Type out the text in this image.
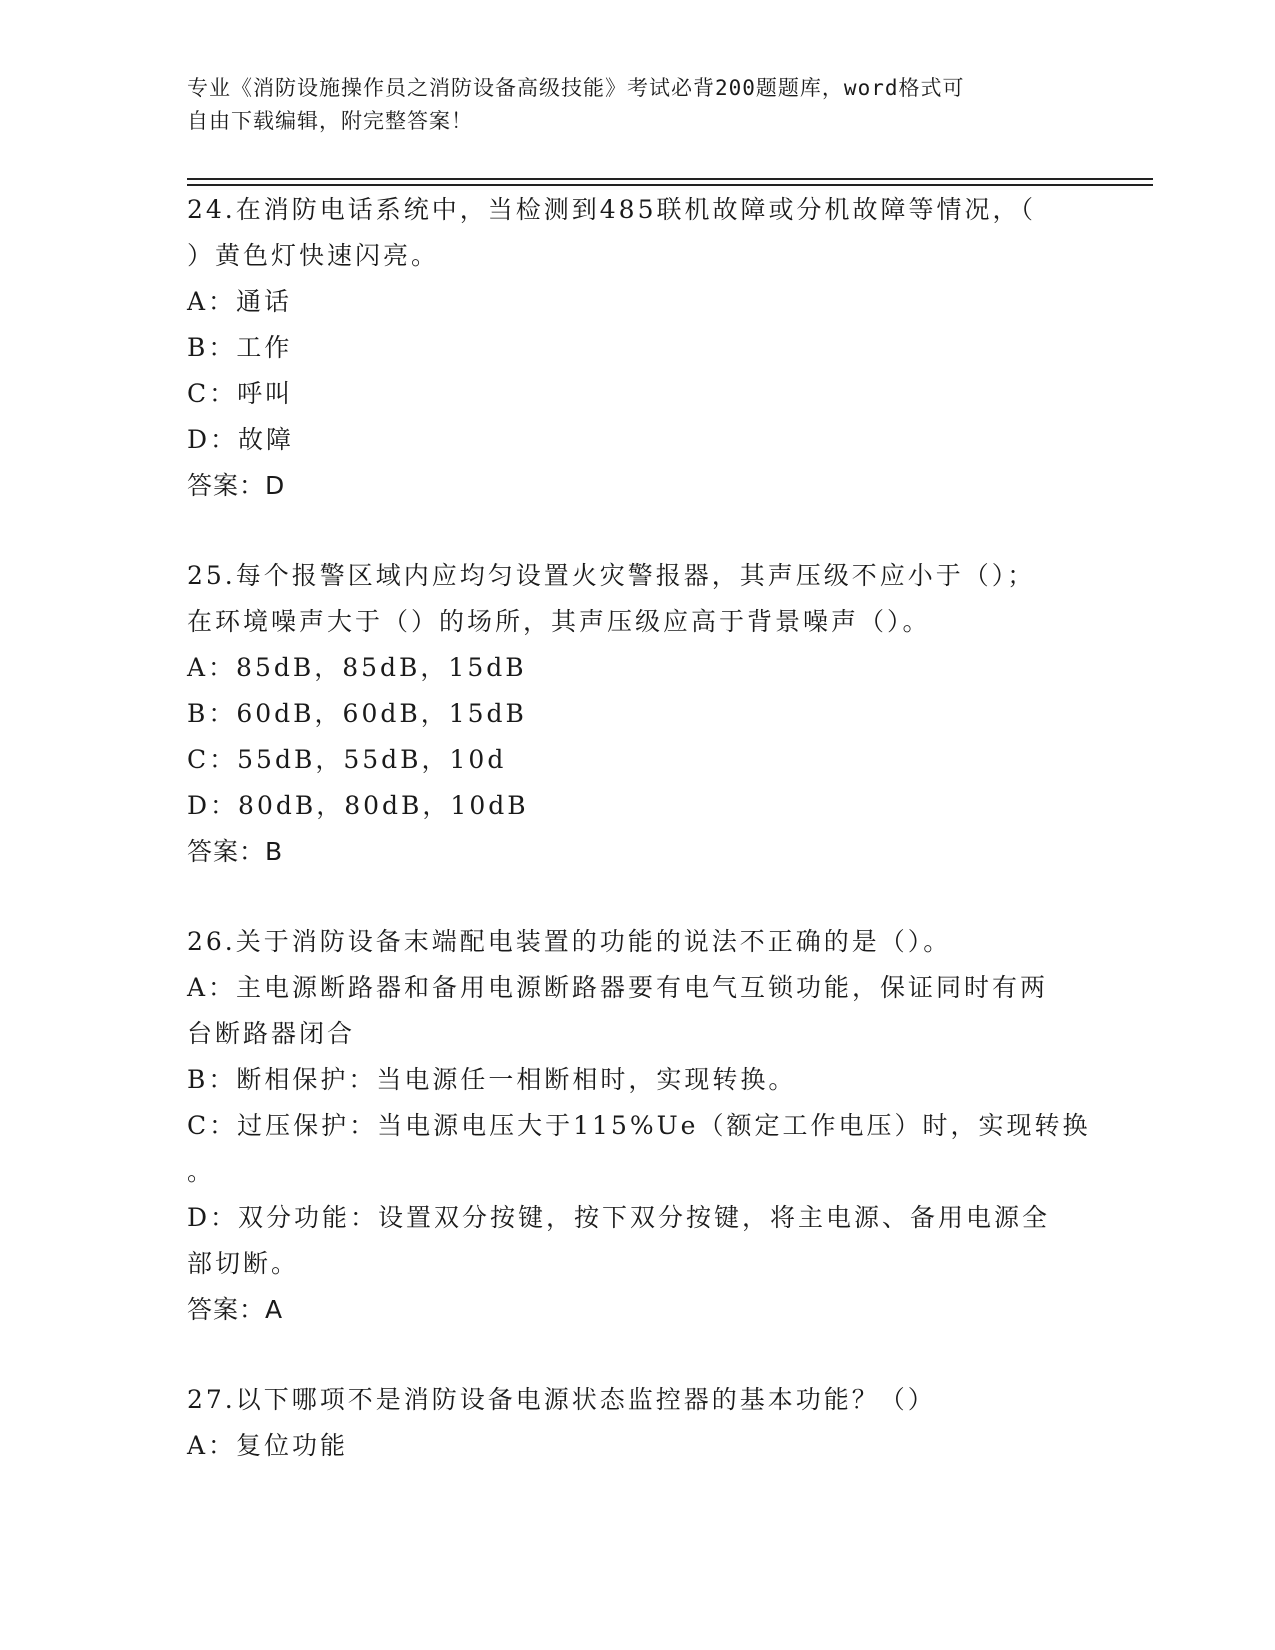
专业《消防设施操作员之消防设备高级技能》考试必背200题题库，word格式可
自由下载编辑，附完整答案！
24.在消防电话系统中，当检测到485联机故障或分机故障等情况，（
）黄色灯快速闪亮。
A：通话
B：工作
C：呼叫
D：故障
答案：D
25.每个报警区域内应均匀设置火灾警报器，其声压级不应小于（）；
在环境噪声大于（）的场所，其声压级应高于背景噪声（）。
A：85dB，85dB，15dB
B：60dB，60dB，15dB
C：55dB，55dB，10d
D：80dB，80dB，10dB
答案：B
26.关于消防设备末端配电装置的功能的说法不正确的是（）。
A：主电源断路器和备用电源断路器要有电气互锁功能，保证同时有两
台断路器闭合
B：断相保护：当电源任一相断相时，实现转换。
C：过压保护：当电源电压大于115%Ue（额定工作电压）时，实现转换
。
D：双分功能：设置双分按键，按下双分按键，将主电源、备用电源全
部切断。
答案：A
27.以下哪项不是消防设备电源状态监控器的基本功能？（）
A：复位功能
